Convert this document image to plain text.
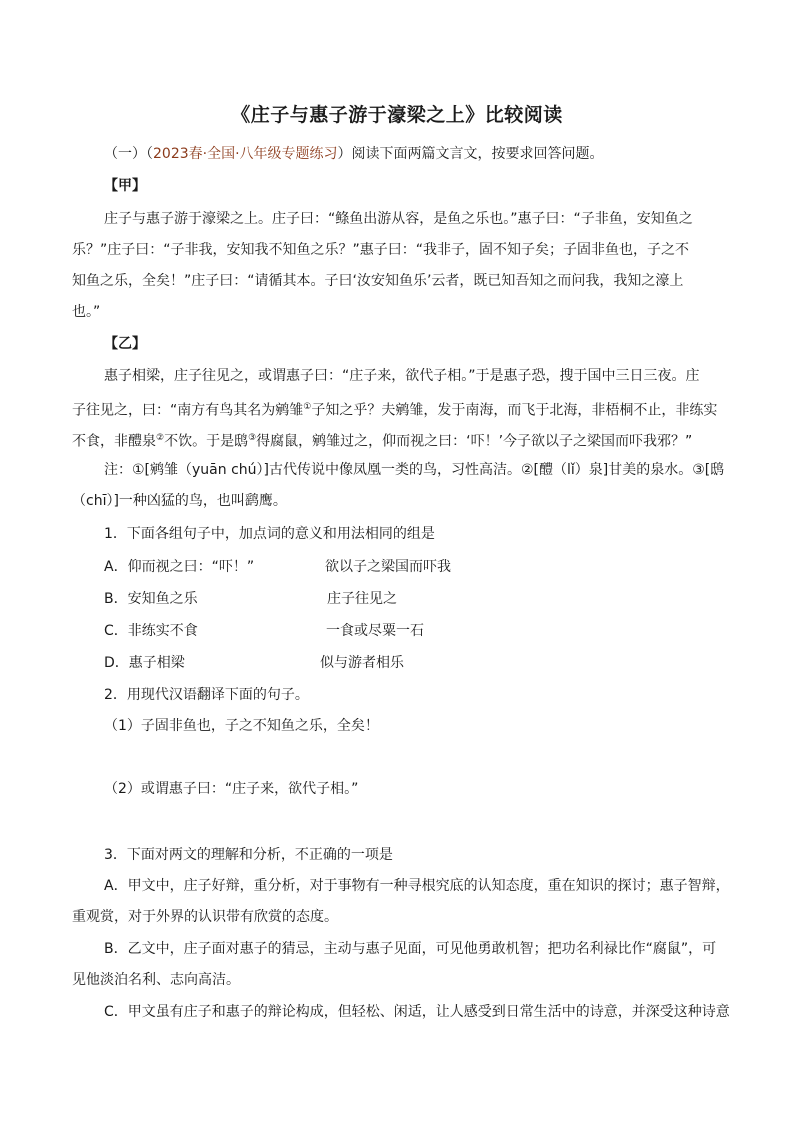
《庄子与惠子游于濠梁之上》比较阅读
（一）（2023春·全国·八年级专题练习）阅读下面两篇文言文，按要求回答问题。
【甲】
庄子与惠子游于濠梁之上。庄子曰：“鲦鱼出游从容，是鱼之乐也。”惠子曰：“子非鱼，安知鱼之
乐？”庄子曰：“子非我，安知我不知鱼之乐？”惠子曰：“我非子，固不知子矣；子固非鱼也，子之不
知鱼之乐，全矣！”庄子曰：“请循其本。子曰‘汝安知鱼乐’云者，既已知吾知之而问我，我知之濠上
也。”
【乙】
惠子相梁，庄子往见之，或谓惠子曰：“庄子来，欲代子相。”于是惠子恐，搜于国中三日三夜。庄
子往见之，曰：“南方有鸟其名为鹓雏①子知之乎？夫鹓雏，发于南海，而飞于北海，非梧桐不止，非练实
不食，非醴泉②不饮。于是鸱③得腐鼠，鹓雏过之，仰而视之曰：‘吓！’今子欲以子之梁国而吓我邪？”
注：①[鹓雏（yuān chú）]古代传说中像凤凰一类的鸟，习性高洁。②[醴（lǐ）泉]甘美的泉水。③[鸱
（chī）]一种凶猛的鸟，也叫鹞鹰。
1．下面各组句子中，加点词的意义和用法相同的组是
A．仰而视之曰：“吓！”	欲以子之梁国而吓我
B．安知鱼之乐	庄子往见之
C．非练实不食	一食或尽粟一石
D．惠子相梁	似与游者相乐
2．用现代汉语翻译下面的句子。
（1）子固非鱼也，子之不知鱼之乐，全矣！
（2）或谓惠子曰：“庄子来，欲代子相。”
3．下面对两文的理解和分析，不正确的一项是
A．甲文中，庄子好辩，重分析，对于事物有一种寻根究底的认知态度，重在知识的探讨；惠子智辩，
重观赏，对于外界的认识带有欣赏的态度。
B．乙文中，庄子面对惠子的猜忌，主动与惠子见面，可见他勇敢机智；把功名利禄比作“腐鼠”，可
见他淡泊名利、志向高洁。
C．甲文虽有庄子和惠子的辩论构成，但轻松、闲适，让人感受到日常生活中的诗意，并深受这种诗意
